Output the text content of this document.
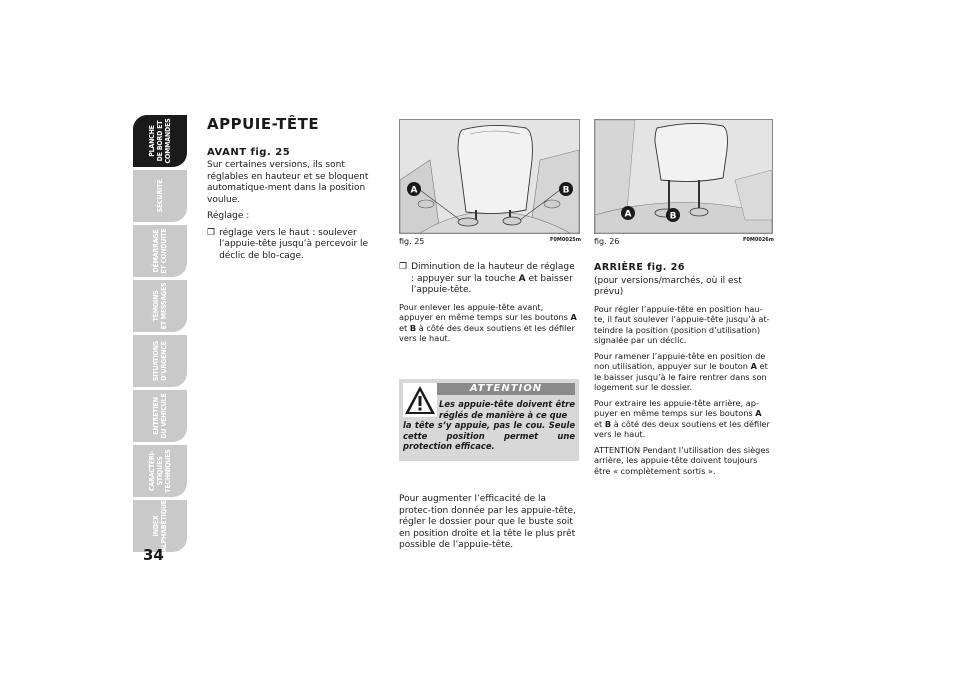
PLANCHE
DE BORD ET
COMMANDES
SÉCURITÉ
DÉMARRAGE
ET CONDUITE
TÉMOINS
ET MESSAGES
SITUATIONS
D’URGENCE
ENTRETIEN
DU VÉHICULE
CARACTÉRI-
STIQUES
TECHNIQUES
INDEX
ALPHABÉTIQUE
34
APPUIE-TÊTE
AVANT fig. 25

Sur certaines versions, ils sont réglables en hauteur et se bloquent automatique-ment dans la position voulue.

Réglage :

❐ réglage vers le haut : soulever l’appuie-tête jusqu’à percevoir le déclic de blo-cage.
A	B
fig. 25	F0M0025m
❐ Diminution de la hauteur de réglage : appuyer sur la touche A et baisser l’appuie-tête.

Pour enlever les appuie-tête avant, appuyer en même temps sur les boutons A et B à côté des deux soutiens et les défiler vers le haut.

ATTENTION
Les appuie-tête doivent être réglés de manière à ce que
la tête s’y appuie, pas le cou. Seule cette position permet une protection efficace.

Pour augmenter l’efficacité de la protec-tion donnée par les appuie-tête, régler le dossier pour que le buste soit en position droite et la tête le plus prêt possible de l’appuie-tête.

A	B
fig. 26	F0M0026m
ARRIÈRE fig. 26

(pour versions/marchés, où il est prévu)

Pour régler l’appuie-tête en position hau-te, il faut soulever l’appuie-tête jusqu’à at-teindre la position (position d’utilisation) signalée par un déclic.

Pour ramener l’appuie-tête en position de non utilisation, appuyer sur le bouton A et le baisser jusqu’à le faire rentrer dans son logement sur le dossier.

Pour extraire les appuie-tête arrière, ap-puyer en même temps sur les boutons A et B à côté des deux soutiens et les défiler vers le haut.

ATTENTION Pendant l’utilisation des sièges arrière, les appuie-tête doivent toujours être « complètement sortis ».
